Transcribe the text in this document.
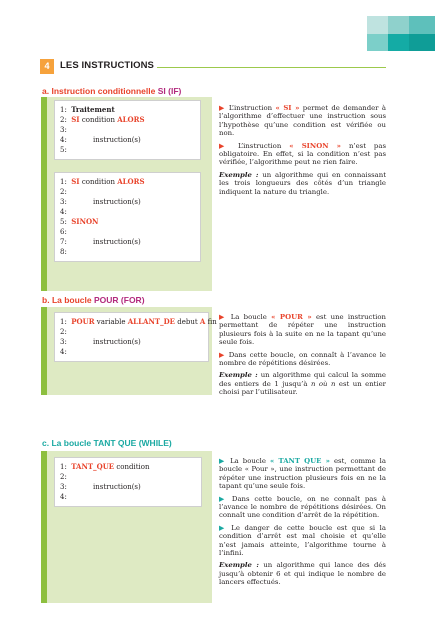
4	LES INSTRUCTIONS
a. Instruction conditionnelle SI (IF)
1: Traitement
2: SI condition ALORS
3:
4:	instruction(s)
5:
1: SI condition ALORS
2:
3:	instruction(s)
4:
5: SINON
6:
7:	instruction(s)
8:

▶ L’instruction « SI » permet de demander à l’algorithme d’effectuer une instruction sous l’hypothèse qu’une condition est vérifiée ou non.

▶ L’instruction « SINON » n’est pas obligatoire. En effet, si la condition n’est pas vérifiée, l’algorithme peut ne rien faire.

Exemple : un algorithme qui en connaissant les trois longueurs des côtés d’un triangle indiquent la nature du triangle.

b. La boucle POUR (FOR)
1: POUR variable ALLANT_DE debut A fin
2:
3:	instruction(s)
4:

▶ La boucle « POUR » est une instruction permettant de répéter une instruction plusieurs fois à la suite en ne la tapant qu’une seule fois.

▶ Dans cette boucle, on connaît à l’avance le nombre de répétitions désirées.

Exemple : un algorithme qui calcul la somme des entiers de 1 jusqu’à n où n est un entier choisi par l’utilisateur.

c. La boucle TANT QUE (WHILE)
1: TANT_QUE condition
2:
3:	instruction(s)
4:

▶ La boucle « TANT QUE » est, comme la boucle « Pour », une instruction permettant de répéter une instruction plusieurs fois en ne la tapant qu’une seule fois.

▶ Dans cette boucle, on ne connaît pas à l’avance le nombre de répétitions désirées. On connaît une condition d’arrêt de la répétition.

▶ Le danger de cette boucle est que si la condition d’arrêt est mal choisie et qu’elle n’est jamais atteinte, l’algorithme tourne à l’infini.

Exemple : un algorithme qui lance des dés jusqu’à obtenir 6 et qui indique le nombre de lancers effectués.
